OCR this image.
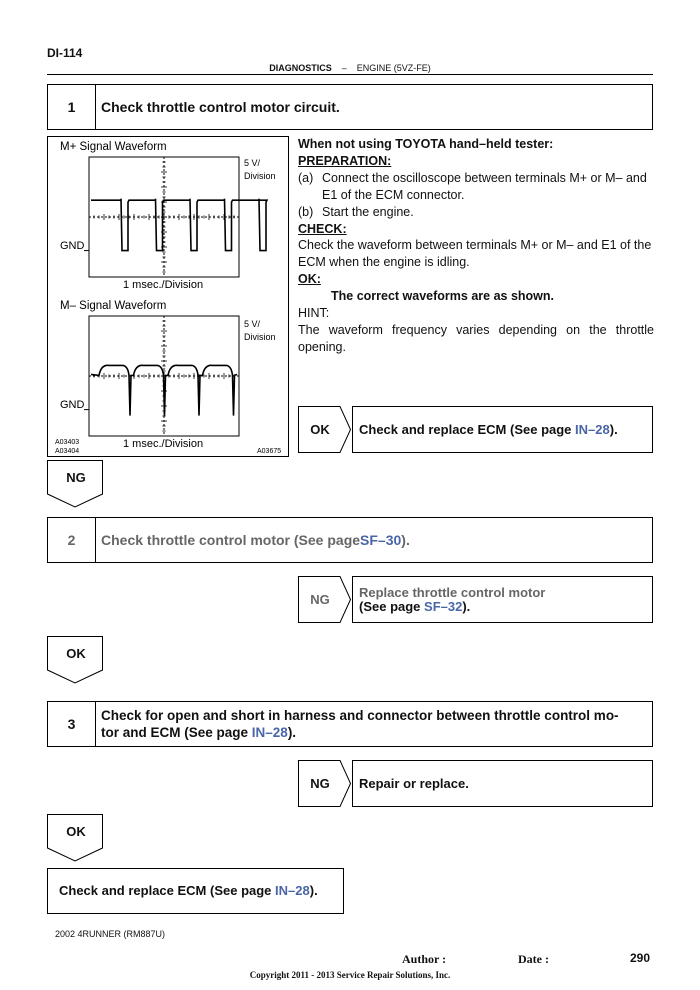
DI-114
DIAGNOSTICS – ENGINE (5VZ-FE)
1	Check throttle control motor circuit.
M+ Signal Waveform
M– Signal Waveform
5 V/
Division
5 V/
Division
GND
GND
1 msec./Division
1 msec./Division
A03403
A03404	A03675
When not using TOYOTA hand–held tester:
PREPARATION:
(a) Connect the oscilloscope between terminals M+ or M– and E1 of the ECM connector.
(b) Start the engine.
CHECK:
Check the waveform between terminals M+ or M– and E1 of the ECM when the engine is idling.
OK:
The correct waveforms are as shown.
HINT:
The waveform frequency varies depending on the throttle opening.
OK	Check and replace ECM (See page IN–28).
NG
2	Check throttle control motor (See page SF–30 ).
NG	Replace throttle control motor
(See page SF–32).
OK
3
Check for open and short in harness and connector between throttle control mo-
tor and ECM (See page IN–28).
NG	Repair or replace.
OK
Check and replace ECM (See page IN–28).
2002 4RUNNER (RM887U)
Author :	Date :	290
Copyright 2011 - 2013 Service Repair Solutions, Inc.
